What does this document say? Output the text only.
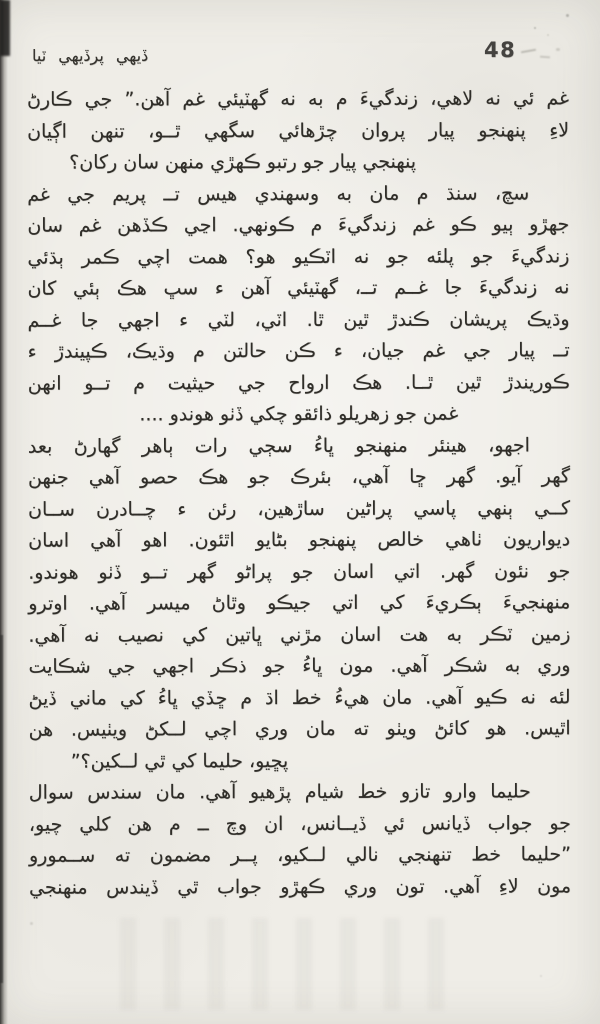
ڏيهي پرڏيهي ٽيا	48
غم ئي نه لاهي، زندگيءَ م به نه گهٽيئي غم آهن.” جي ڪارڻ
لاءِ پنهنجو پيار پروان چڙهائي سگهي ٿــو، تنهن اڳيان
پنهنجي پيار جو رتبو ڪهڙي منهن سان رکان؟
سچ، سنڌ م مان به وسهندي هيس تــ پريم جي غم
جهڙو ٻيو ڪو غم زندگيءَ م ڪونهي. اڃي ڪڏهن غم سان
زندگيءَ جو پلئه جو نه اٽڪيو هو؟ همت اچي ڪمر ٻڌئي
نه زندگيءَ جا غــم تــ، گهٽيئي آهن ء سڀ هڪ ٻئي کان
وڌيڪ پريشان ڪندڙ ٿين ٿا. اٽي، لٽي ء اجهي جا غــم
تــ پيار جي غم جيان، ء ڪن حالتن م وڌيڪ، ڪپيندڙ ء
ڪوريندڙ ٿين ٿــا. هڪ ارواح جي حيثيت م تــو انهن
غمن جو زهريلو ذائقو چکي ڏٺو هوندو ....
اجهو، هينئر منهنجو ڀاءُ سڄي رات ٻاهر گهارڻ بعد
گهر آيو. گهر ڇا آهي، بئرڪ جو هڪ حصو آهي جنهن
کــي ٻنهي پاسي پراڻين ساڙهين، رئن ء چــادرن ســان
ديواريون ٺاهي خالص پنهنجو بڻايو اٿئون. اهو آهي اسان
جو نئون گهر. اتي اسان جو پراڻو گهر تــو ڏٺو هوندو.
منهنجيءَ ٻڪريءَ کي اتي جيڪو وٿاڻ ميسر آهي. اوترو
زمين ٽڪر به هت اسان مڙني ڀاتين کي نصيب نه آهي.
وري به شڪر آهي. مون ڀاءُ جو ذڪر اجهي جي شڪايت
لئه نه ڪيو آهي. مان هيءُ خط اڌ م ڇڏي ڀاءُ کي ماني ڏيڻ
اٿيس. هو کائڻ ويٺو ته مان وري اچي لــکڻ ويٺيس. هن
پڇيو، حليما کي ٿي لــکين؟”
حليما وارو تازو خط شيام پڙهيو آهي. مان سندس سوال
جو جواب ڏيانس ئي ڏيــانس، ان وچ ــ م هن کلي چيو،
”حليما خط تنهنجي نالي لــکيو، پــر مضمون ته ســمورو
مون لاءِ آهي. تون وري ڪهڙو جواب ٿي ڏيندس منهنجي
